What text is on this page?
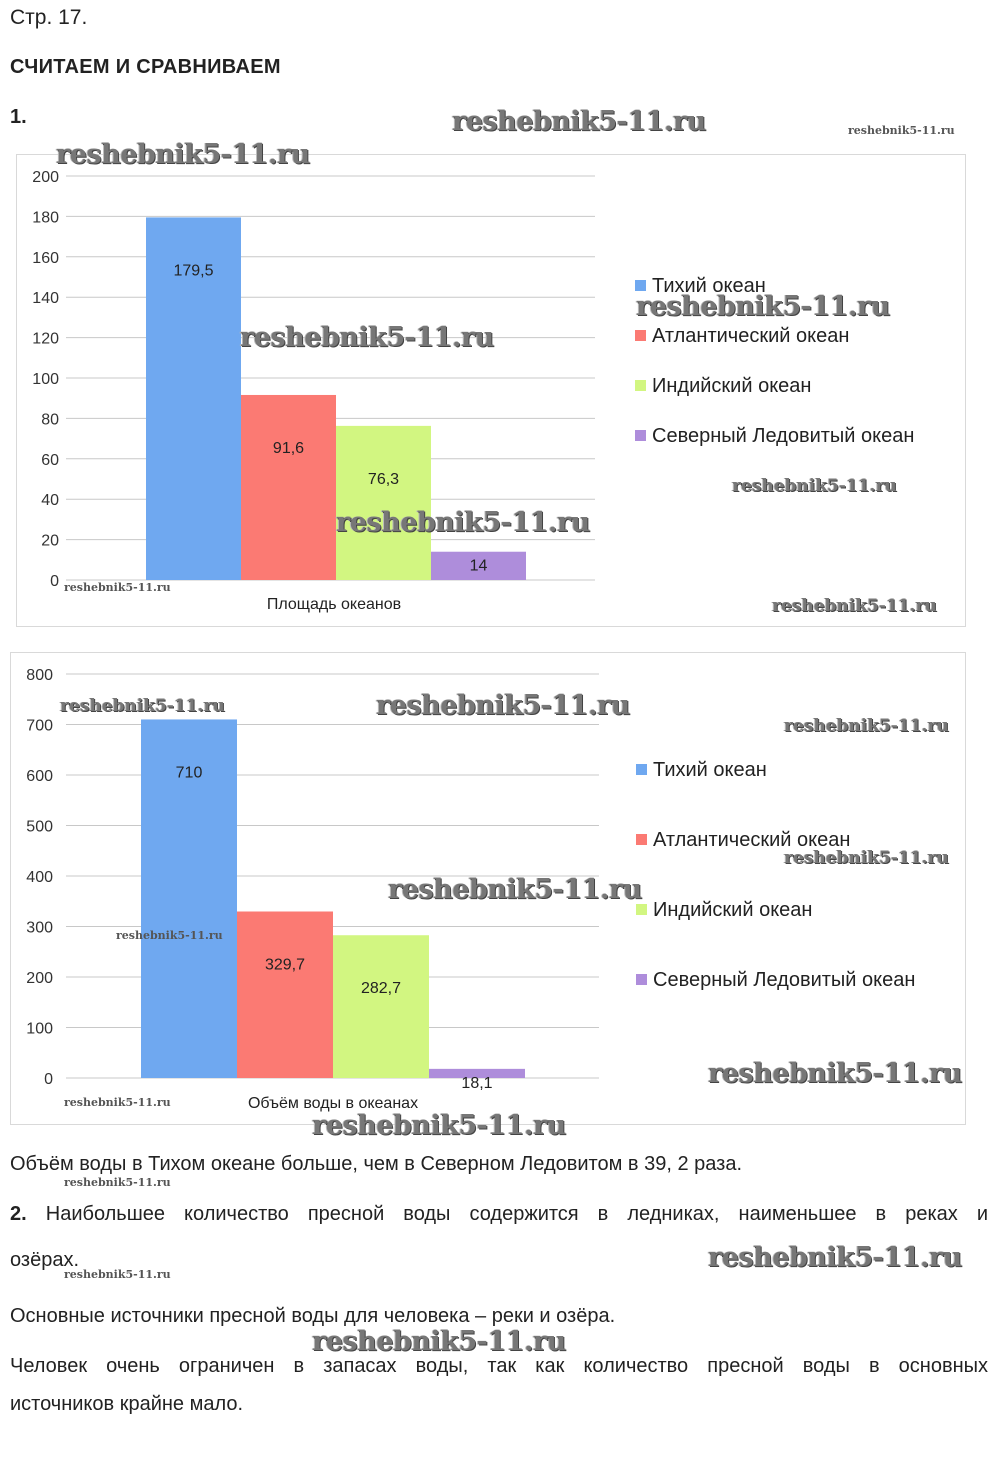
Стр. 17.
СЧИТАЕМ И СРАВНИВАЕМ
1.
0
20
40
60
80
100
120
140
160
180
200
179,5
91,6
76,3
14
Площадь океанов
Тихий океан
Атлантический океан
Индийский океан
Северный Ледовитый океан
0
100
200
300
400
500
600
700
800
710
329,7
282,7
18,1
Объём воды в океанах
Тихий океан
Атлантический океан
Индийский океан
Северный Ледовитый океан
Объём воды в Тихом океане больше, чем в Северном Ледовитом в 39, 2 раза.
2. Наибольшее количество пресной воды содержится в ледниках, наименьшее в реках и
озёрах.
Основные источники пресной воды для человека – реки и озёра.
Человек очень ограничен в запасах воды, так как количество пресной воды в основных
источников крайне мало.
reshebnik5-11.ru	reshebnik5-11.ru
reshebnik5-11.ru
reshebnik5-11.ru
reshebnik5-11.ru
reshebnik5-11.ru
reshebnik5-11.ru
reshebnik5-11.ru
reshebnik5-11.ru
reshebnik5-11.ru	reshebnik5-11.ru
reshebnik5-11.ru
reshebnik5-11.ru
reshebnik5-11.ru
reshebnik5-11.ru
reshebnik5-11.ru
reshebnik5-11.ru
reshebnik5-11.ru
reshebnik5-11.ru
reshebnik5-11.ru
reshebnik5-11.ru
reshebnik5-11.ru
